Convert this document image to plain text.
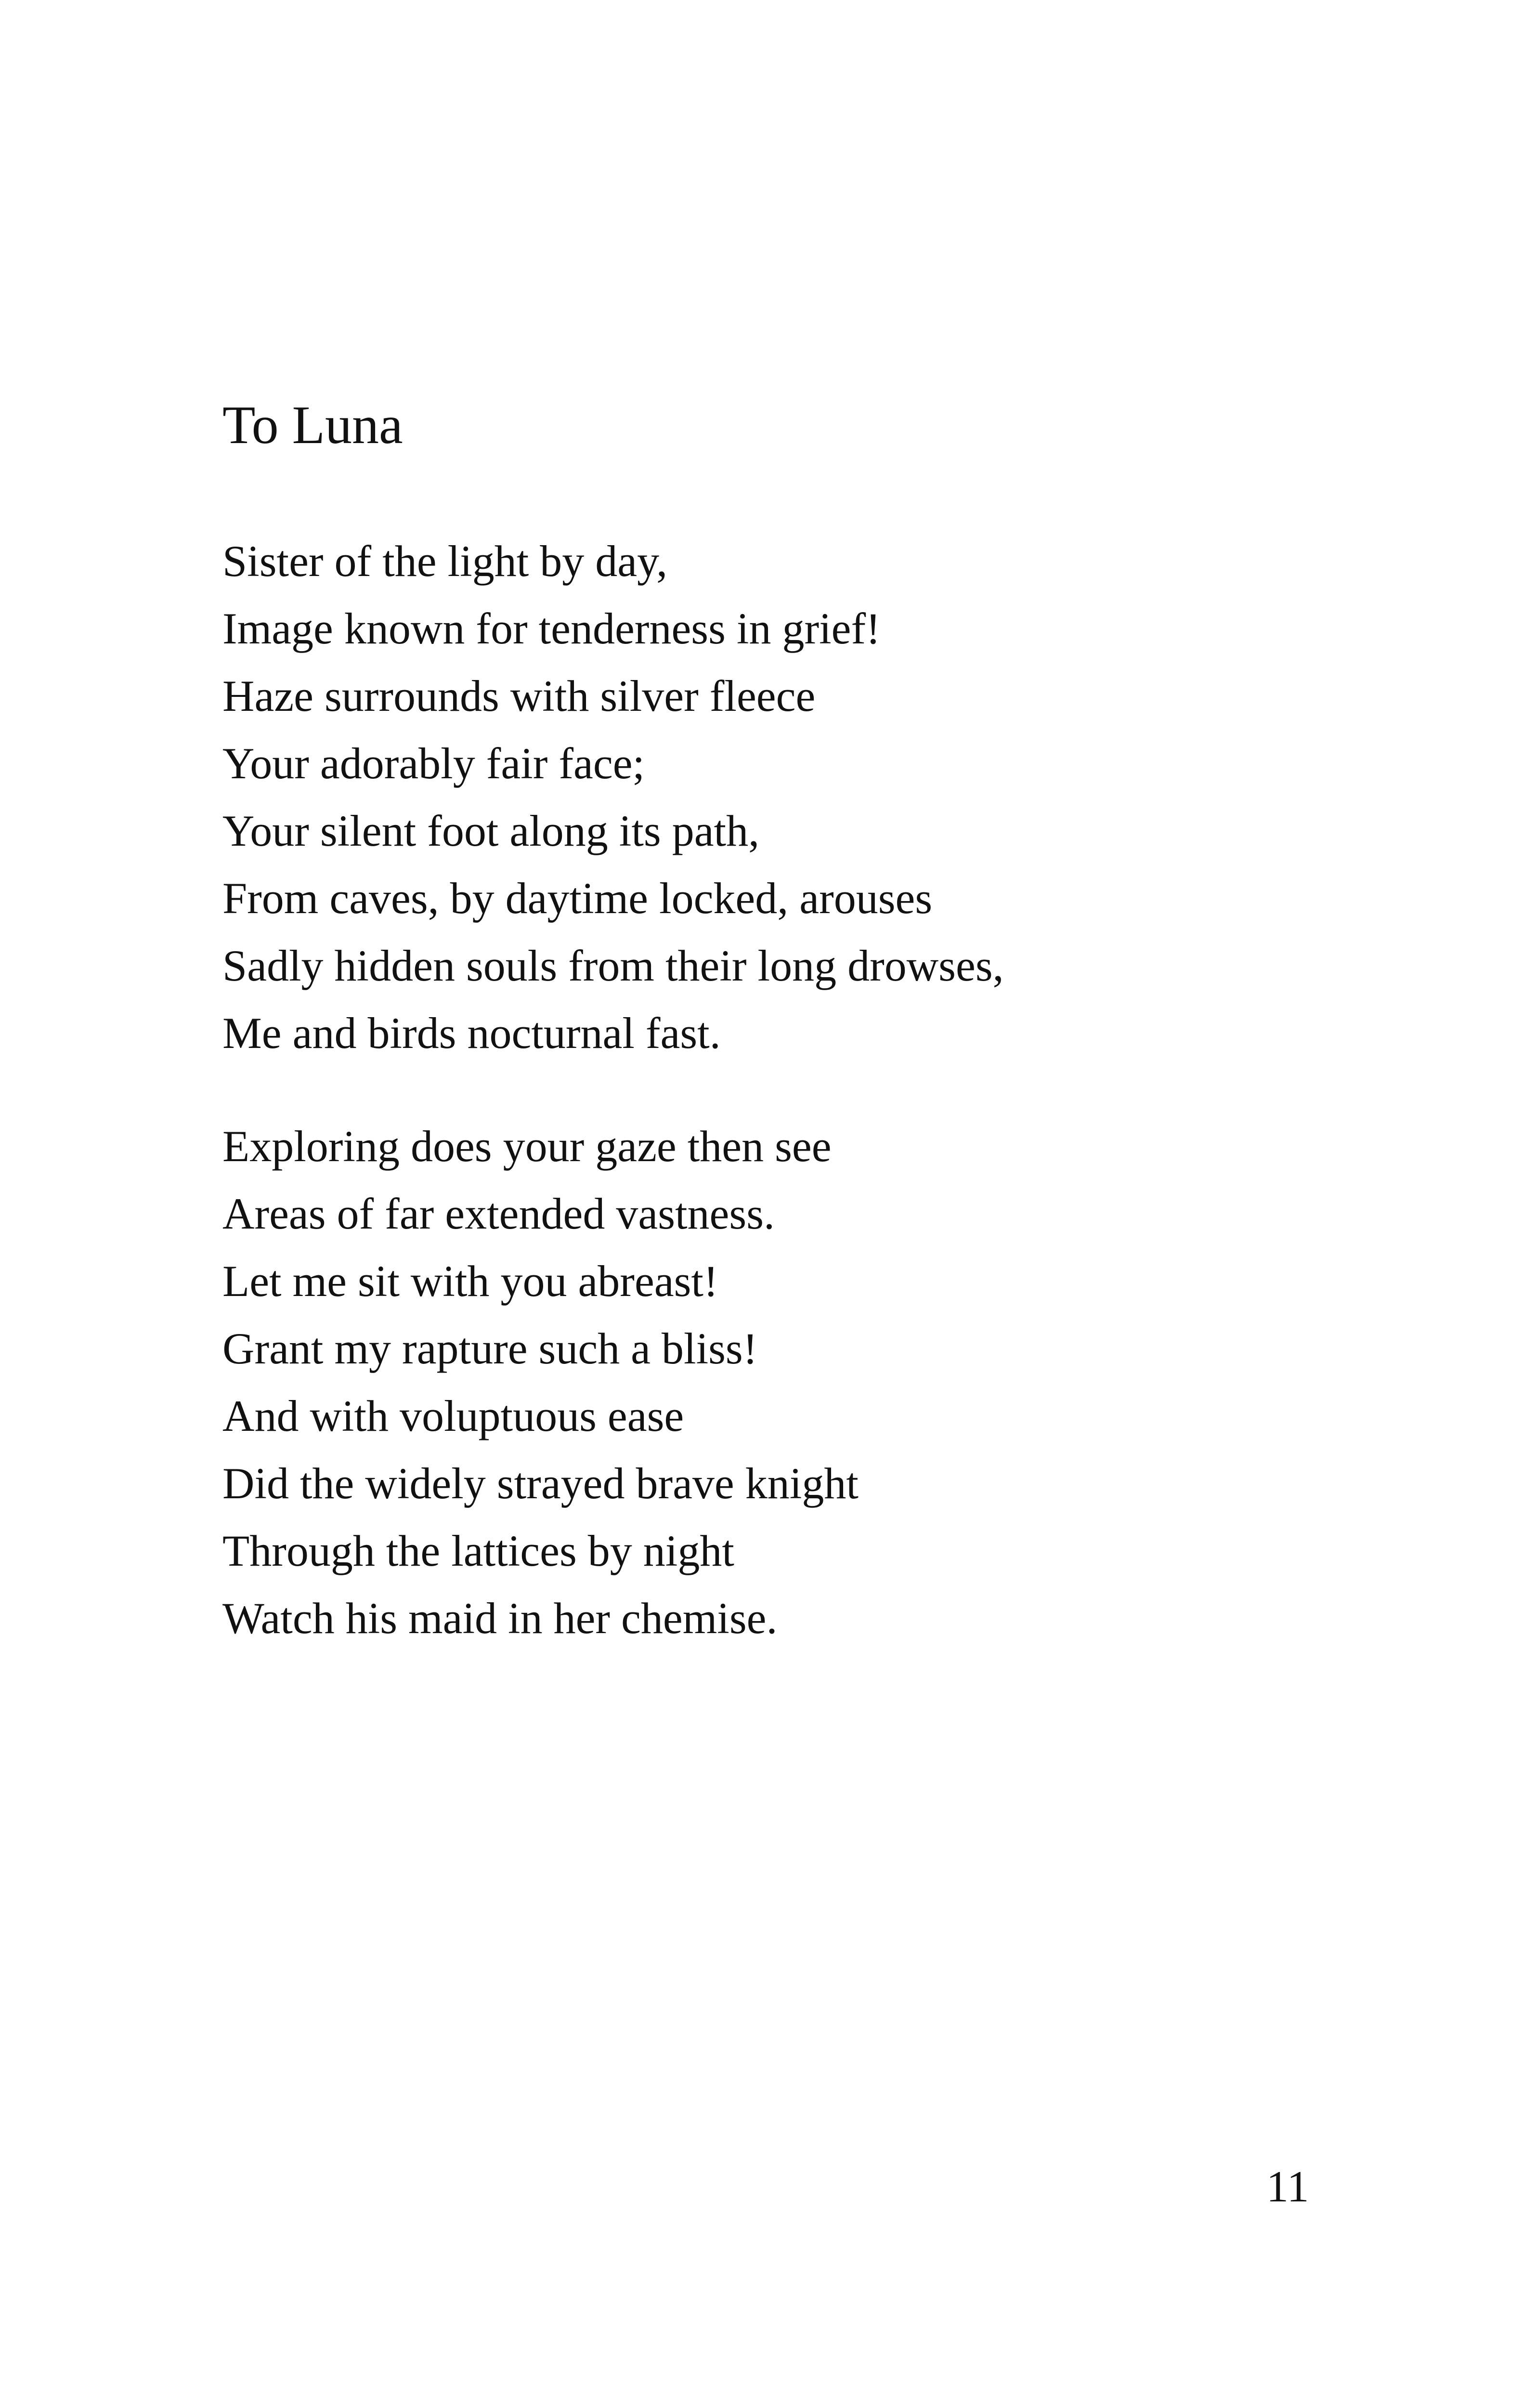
To Luna
Sister of the light by day,
Image known for tenderness in grief!
Haze surrounds with silver fleece
Your adorably fair face;
Your silent foot along its path,
From caves, by daytime locked, arouses
Sadly hidden souls from their long drowses,
Me and birds nocturnal fast.
Exploring does your gaze then see
Areas of far extended vastness.
Let me sit with you abreast!
Grant my rapture such a bliss!
And with voluptuous ease
Did the widely strayed brave knight
Through the lattices by night
Watch his maid in her chemise.
11
